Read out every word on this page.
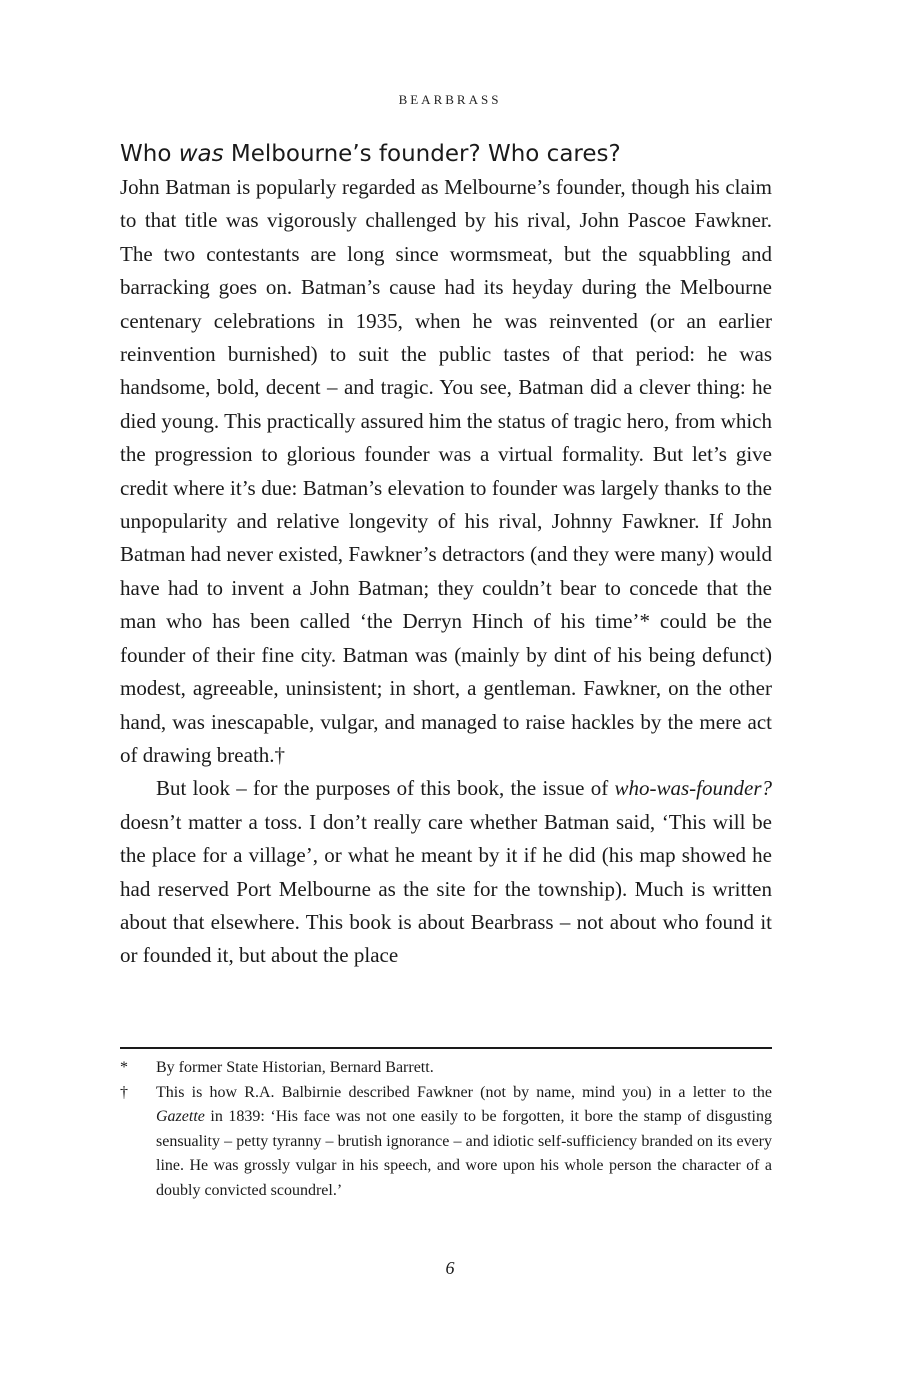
BEARBRASS
Who was Melbourne’s founder? Who cares?

John Batman is popularly regarded as Melbourne’s founder, though his claim to that title was vigorously challenged by his rival, John Pascoe Fawkner. The two contestants are long since wormsmeat, but the squabbling and barracking goes on. Batman’s cause had its heyday during the Melbourne centenary celebrations in 1935, when he was reinvented (or an earlier reinvention burnished) to suit the public tastes of that period: he was handsome, bold, decent – and tragic. You see, Batman did a clever thing: he died young. This practically assured him the status of tragic hero, from which the progression to glorious founder was a virtual formality. But let’s give credit where it’s due: Batman’s elevation to founder was largely thanks to the unpopularity and relative longevity of his rival, Johnny Fawkner. If John Batman had never existed, Fawkner’s detractors (and they were many) would have had to invent a John Batman; they couldn’t bear to concede that the man who has been called ‘the Derryn Hinch of his time’* could be the founder of their fine city. Batman was (mainly by dint of his being defunct) modest, agreeable, uninsistent; in short, a gentleman. Fawkner, on the other hand, was inescapable, vulgar, and managed to raise hackles by the mere act of drawing breath.†

But look – for the purposes of this book, the issue of who-was-founder? doesn’t matter a toss. I don’t really care whether Batman said, ‘This will be the place for a village’, or what he meant by it if he did (his map showed he had reserved Port Melbourne as the site for the township). Much is written about that elsewhere. This book is about Bearbrass – not about who found it or founded it, but about the place

*	By former State Historian, Bernard Barrett.
†	This is how R.A. Balbirnie described Fawkner (not by name, mind you) in a letter to the Gazette in 1839: ‘His face was not one easily to be forgotten, it bore the stamp of disgusting sensuality – petty tyranny – brutish ignorance – and idiotic self-sufficiency branded on its every line. He was grossly vulgar in his speech, and wore upon his whole person the character of a doubly convicted scoundrel.’
6
